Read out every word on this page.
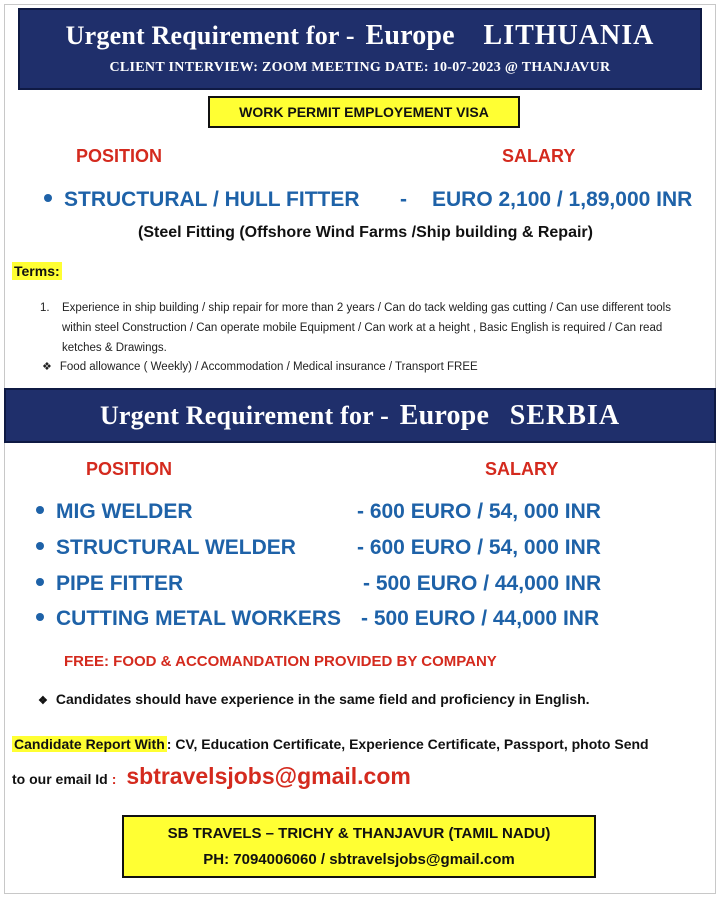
Urgent Requirement for - Europe LITHUANIA
CLIENT INTERVIEW: ZOOM MEETING DATE: 10-07-2023 @ THANJAVUR
WORK PERMIT EMPLOYEMENT VISA
POSITION	SALARY
STRUCTURAL / HULL FITTER - EURO 2,100 / 1,89,000 INR
(Steel Fitting (Offshore Wind Farms /Ship building & Repair)
Terms:
1. Experience in ship building / ship repair for more than 2 years / Can do tack welding gas cutting / Can use different tools within steel Construction / Can operate mobile Equipment / Can work at a height , Basic English is required / Can read ketches & Drawings.
❖ Food allowance ( Weekly) / Accommodation / Medical insurance / Transport FREE
Urgent Requirement for - Europe SERBIA
POSITION	SALARY
MIG WELDER	- 600 EURO / 54, 000 INR
STRUCTURAL WELDER	- 600 EURO / 54, 000 INR
PIPE FITTER	- 500 EURO / 44,000 INR
CUTTING METAL WORKERS - 500 EURO / 44,000 INR
FREE: FOOD & ACCOMANDATION PROVIDED BY COMPANY
❖ Candidates should have experience in the same field and proficiency in English.
Candidate Report With : CV, Education Certificate, Experience Certificate, Passport, photo Send
to our email Id : sbtravelsjobs@gmail.com
SB TRAVELS – TRICHY & THANJAVUR (TAMIL NADU)
PH: 7094006060 / sbtravelsjobs@gmail.com
